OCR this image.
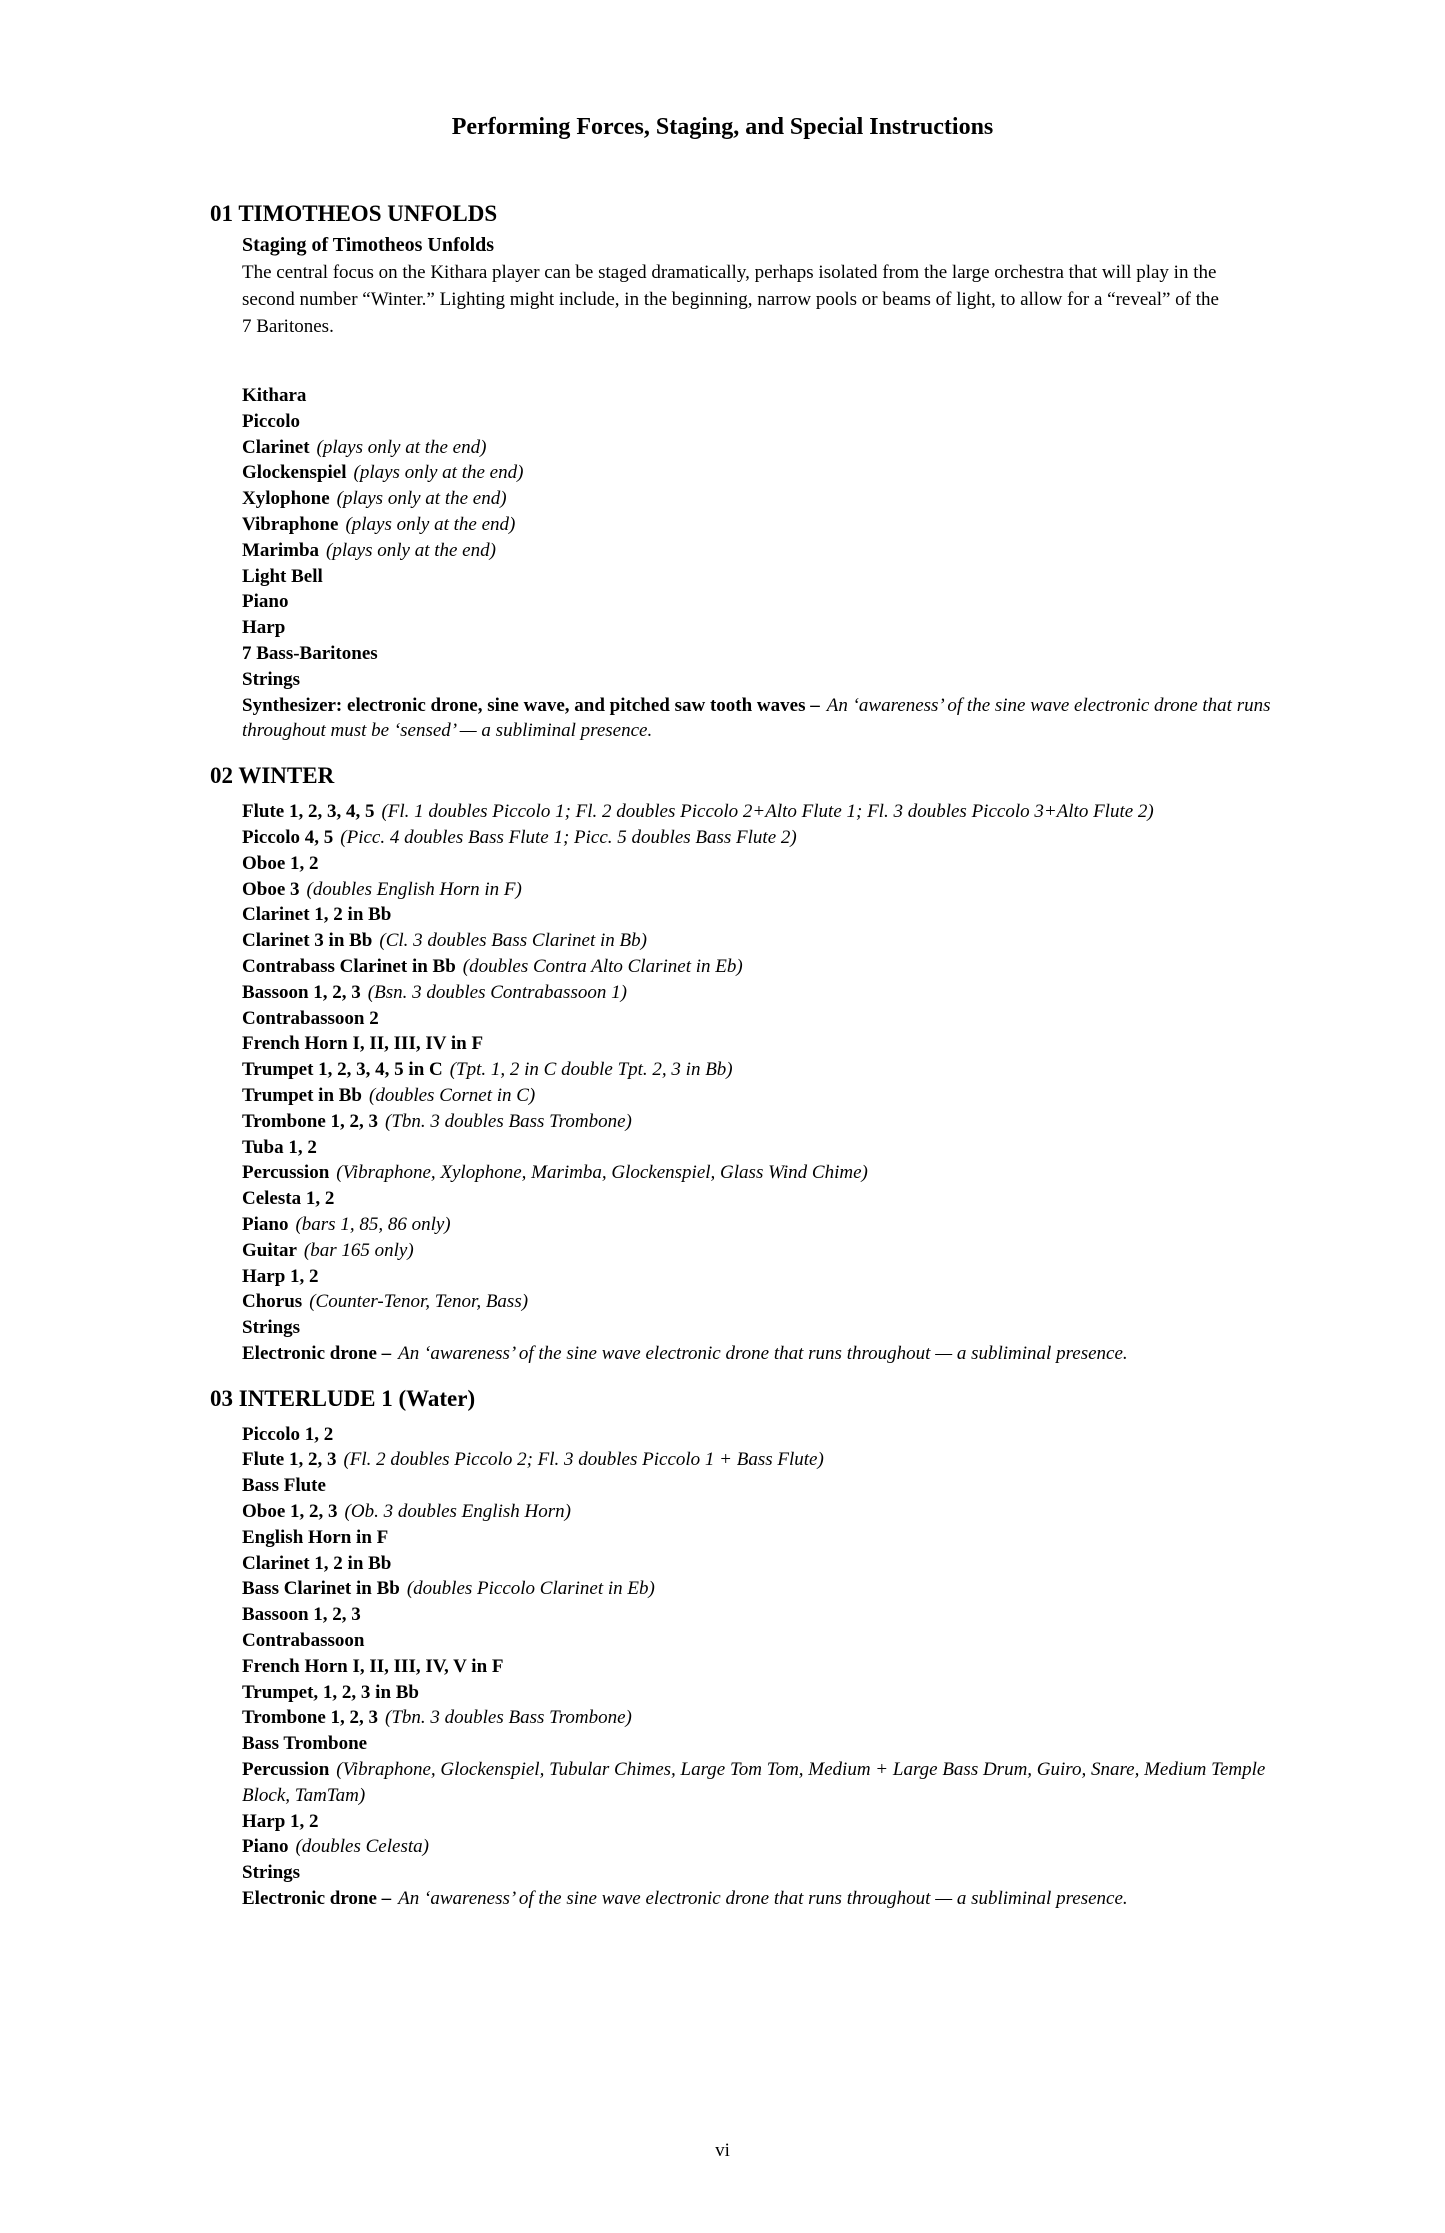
Performing Forces, Staging, and Special Instructions
01 TIMOTHEOS UNFOLDS
Staging of Timotheos Unfolds

The central focus on the Kithara player can be staged dramatically, perhaps isolated from the large orchestra that will play in the second number “Winter.” Lighting might include, in the beginning, narrow pools or beams of light, to allow for a “reveal” of the 7 Baritones.

Kithara
Piccolo
Clarinet (plays only at the end)
Glockenspiel (plays only at the end)
Xylophone (plays only at the end)
Vibraphone (plays only at the end)
Marimba (plays only at the end)
Light Bell
Piano
Harp
7 Bass-Baritones
Strings
Synthesizer: electronic drone, sine wave, and pitched saw tooth waves – An ‘awareness’ of the sine wave electronic drone that runs throughout must be ‘sensed’ — a subliminal presence.
02 WINTER
Flute 1, 2, 3, 4, 5 (Fl. 1 doubles Piccolo 1; Fl. 2 doubles Piccolo 2+Alto Flute 1; Fl. 3 doubles Piccolo 3+Alto Flute 2)
Piccolo 4, 5 (Picc. 4 doubles Bass Flute 1; Picc. 5 doubles Bass Flute 2)
Oboe 1, 2
Oboe 3 (doubles English Horn in F)
Clarinet 1, 2 in Bb
Clarinet 3 in Bb (Cl. 3 doubles Bass Clarinet in Bb)
Contrabass Clarinet in Bb (doubles Contra Alto Clarinet in Eb)
Bassoon 1, 2, 3 (Bsn. 3 doubles Contrabassoon 1)
Contrabassoon 2
French Horn I, II, III, IV in F
Trumpet 1, 2, 3, 4, 5 in C (Tpt. 1, 2 in C double Tpt. 2, 3 in Bb)
Trumpet in Bb (doubles Cornet in C)
Trombone 1, 2, 3 (Tbn. 3 doubles Bass Trombone)
Tuba 1, 2
Percussion (Vibraphone, Xylophone, Marimba, Glockenspiel, Glass Wind Chime)
Celesta 1, 2
Piano (bars 1, 85, 86 only)
Guitar (bar 165 only)
Harp 1, 2
Chorus (Counter-Tenor, Tenor, Bass)
Strings
Electronic drone – An ‘awareness’ of the sine wave electronic drone that runs throughout — a subliminal presence.
03 INTERLUDE 1 (Water)
Piccolo 1, 2
Flute 1, 2, 3 (Fl. 2 doubles Piccolo 2; Fl. 3 doubles Piccolo 1 + Bass Flute)
Bass Flute
Oboe 1, 2, 3 (Ob. 3 doubles English Horn)
English Horn in F
Clarinet 1, 2 in Bb
Bass Clarinet in Bb (doubles Piccolo Clarinet in Eb)
Bassoon 1, 2, 3
Contrabassoon
French Horn I, II, III, IV, V in F
Trumpet, 1, 2, 3 in Bb
Trombone 1, 2, 3 (Tbn. 3 doubles Bass Trombone)
Bass Trombone
Percussion (Vibraphone, Glockenspiel, Tubular Chimes, Large Tom Tom, Medium + Large Bass Drum, Guiro, Snare, Medium Temple Block, TamTam)
Harp 1, 2
Piano (doubles Celesta)
Strings
Electronic drone – An ‘awareness’ of the sine wave electronic drone that runs throughout — a subliminal presence.
vi
